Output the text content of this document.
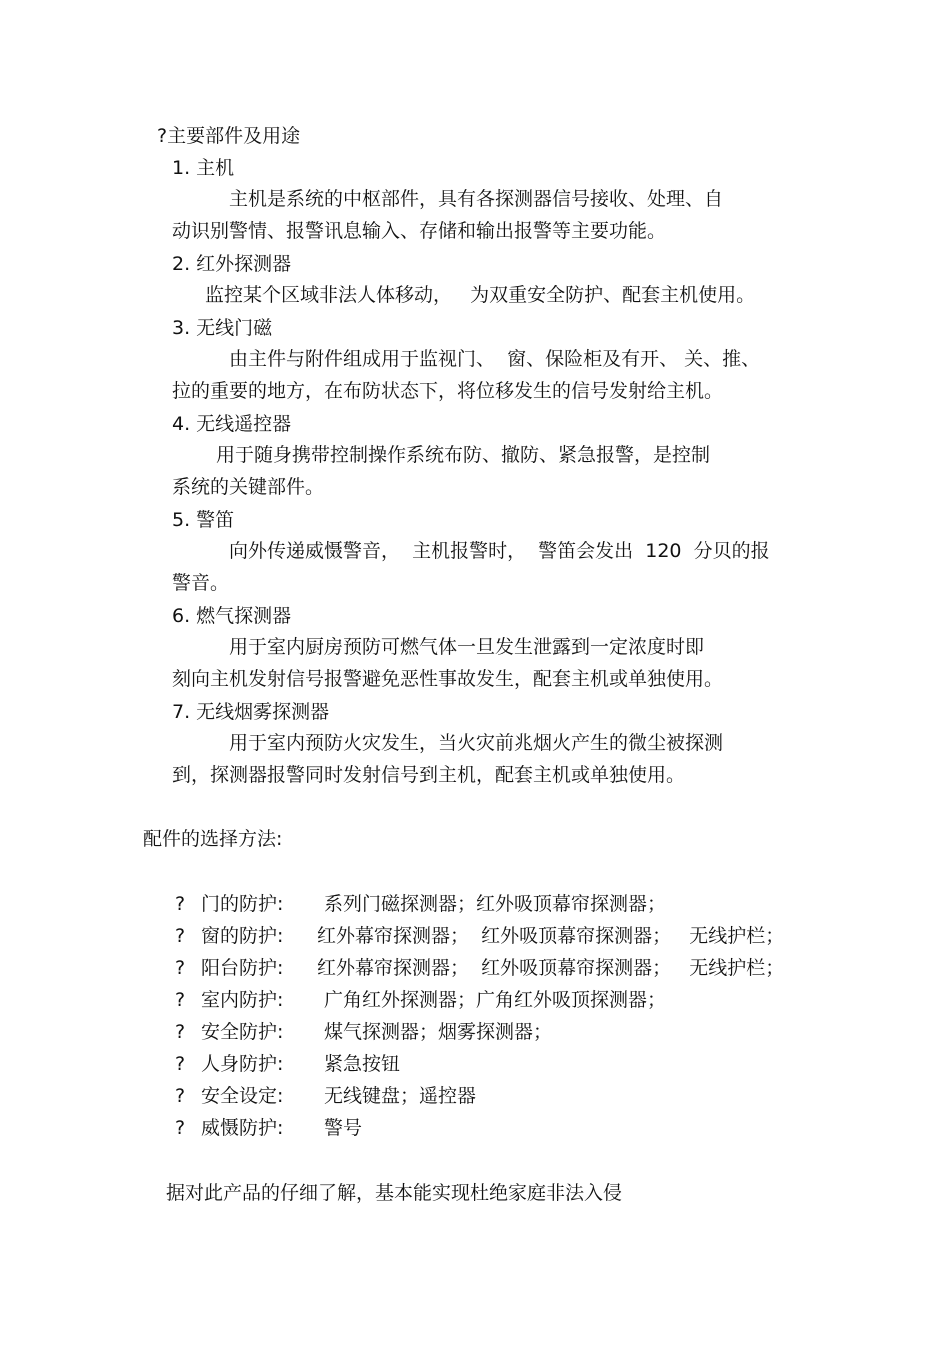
?主要部件及用途
1. 主机
主机是系统的中枢部件，具有各探测器信号接收、处理、自
动识别警情、报警讯息输入、存储和输出报警等主要功能。
2. 红外探测器
监控某个区域非法人体移动，   为双重安全防护、配套主机使用。
3. 无线门磁
由主件与附件组成用于监视门、  窗、保险柜及有开、 关、推、
拉的重要的地方，在布防状态下，将位移发生的信号发射给主机。
4. 无线遥控器
用于随身携带控制操作系统布防、撤防、紧急报警，是控制
系统的关键部件。
5. 警笛
向外传递威慑警音，  主机报警时，  警笛会发出  120  分贝的报
警音。
6. 燃气探测器
用于室内厨房预防可燃气体一旦发生泄露到一定浓度时即
刻向主机发射信号报警避免恶性事故发生，配套主机或单独使用。
7. 无线烟雾探测器
用于室内预防火灾发生，当火灾前兆烟火产生的微尘被探测
到，探测器报警同时发射信号到主机，配套主机或单独使用。
配件的选择方法:
? 门的防护: 系列门磁探测器；红外吸顶幕帘探测器；
? 窗的防护: 红外幕帘探测器；  红外吸顶幕帘探测器；   无线护栏；
? 阳台防护: 红外幕帘探测器；  红外吸顶幕帘探测器；   无线护栏；
? 室内防护: 广角红外探测器；广角红外吸顶探测器；
? 安全防护: 煤气探测器；烟雾探测器；
? 人身防护: 紧急按钮
? 安全设定: 无线键盘；遥控器
? 威慑防护: 警号
据对此产品的仔细了解，基本能实现杜绝家庭非法入侵
